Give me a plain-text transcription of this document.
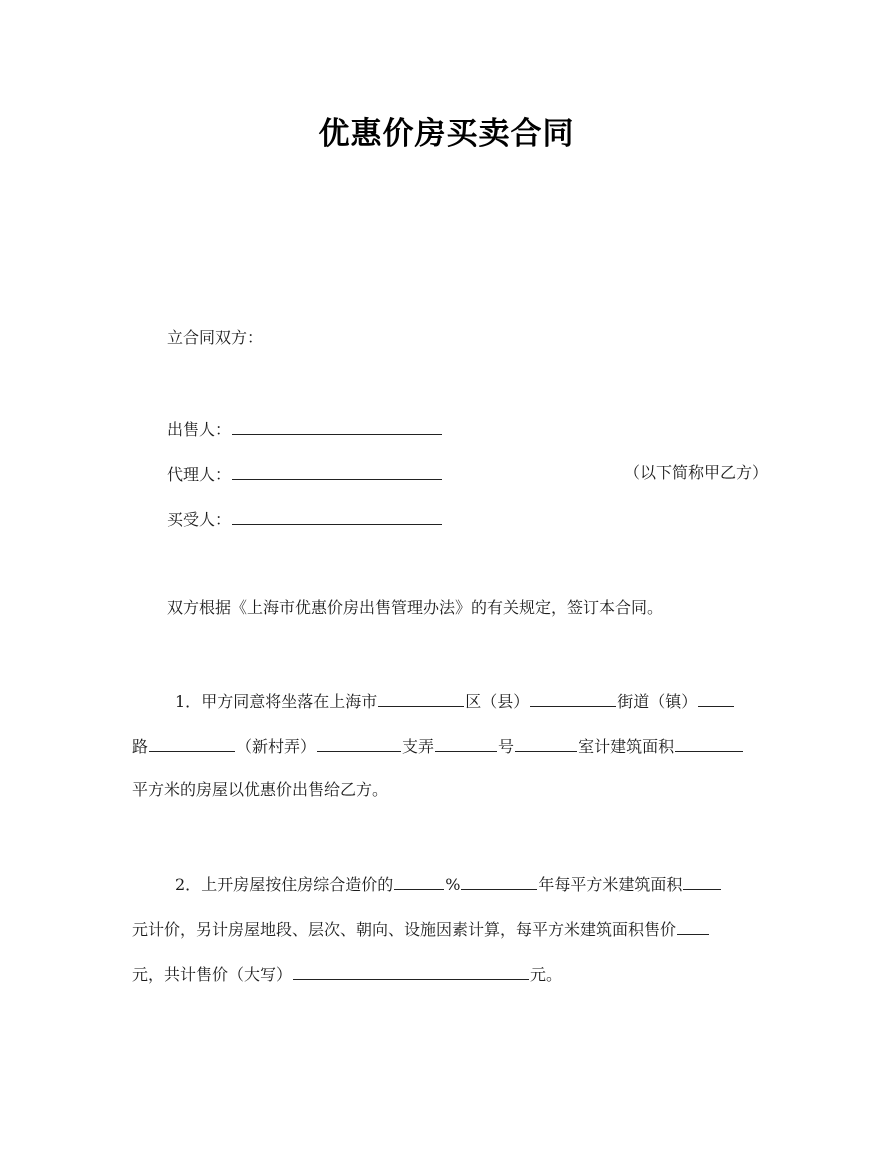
优惠价房买卖合同
立合同双方：
出售人：
代理人：	（以下简称甲乙方）
买受人：
双方根据《上海市优惠价房出售管理办法》的有关规定，签订本合同。
1．甲方同意将坐落在上海市	区（县）	街道（镇）
路	（新村弄）	支弄	号	室计建筑面积
平方米的房屋以优惠价出售给乙方。
2．上开房屋按住房综合造价的	%	年每平方米建筑面积
元计价，另计房屋地段、层次、朝向、设施因素计算，每平方米建筑面积售价
元，共计售价（大写）	元。
